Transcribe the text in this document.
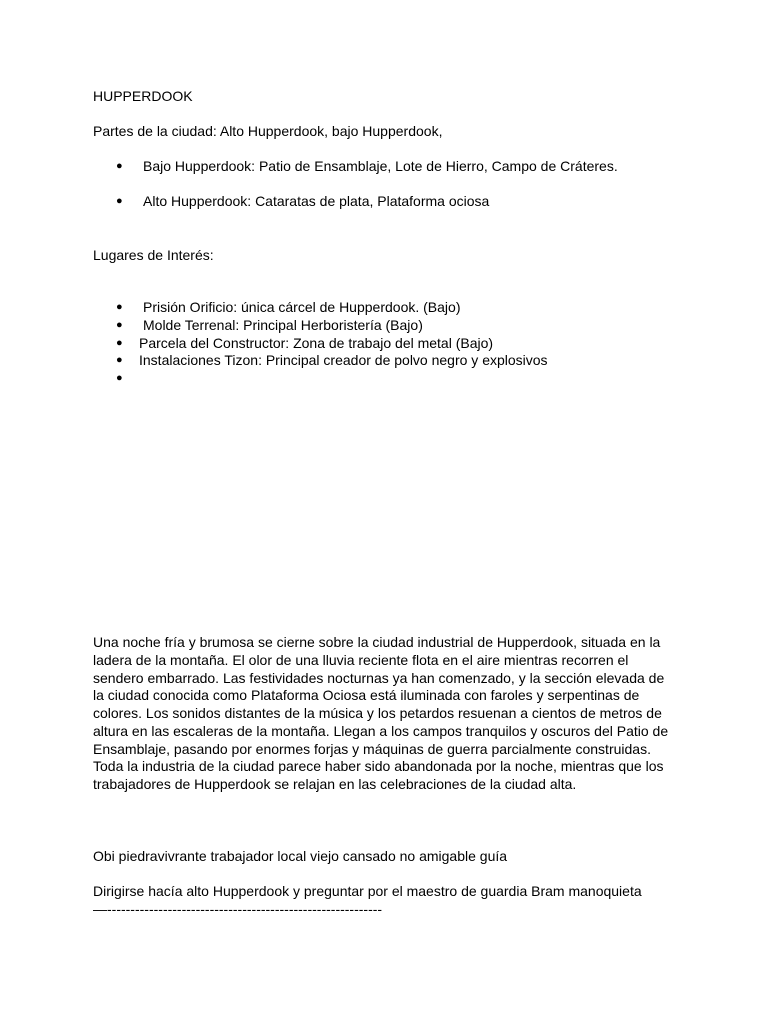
HUPPERDOOK
Partes de la ciudad: Alto Hupperdook, bajo Hupperdook,
● Bajo Hupperdook: Patio de Ensamblaje, Lote de Hierro, Campo de Cráteres.
● Alto Hupperdook: Cataratas de plata, Plataforma ociosa
Lugares de Interés:
● Prisión Orificio: única cárcel de Hupperdook. (Bajo)
● Molde Terrenal: Principal Herboristería (Bajo)
● Parcela del Constructor: Zona de trabajo del metal (Bajo)
● Instalaciones Tizon: Principal creador de polvo negro y explosivos
●
Una noche fría y brumosa se cierne sobre la ciudad industrial de Hupperdook, situada en la ladera de la montaña. El olor de una lluvia reciente flota en el aire mientras recorren el sendero embarrado. Las festividades nocturnas ya han comenzado, y la sección elevada de la ciudad conocida como Plataforma Ociosa está iluminada con faroles y serpentinas de colores. Los sonidos distantes de la música y los petardos resuenan a cientos de metros de altura en las escaleras de la montaña. Llegan a los campos tranquilos y oscuros del Patio de Ensamblaje, pasando por enormes forjas y máquinas de guerra parcialmente construidas. Toda la industria de la ciudad parece haber sido abandonada por la noche, mientras que los trabajadores de Hupperdook se relajan en las celebraciones de la ciudad alta.
Obi piedravivrante trabajador local viejo cansado no amigable guía
Dirigirse hacía alto Hupperdook y preguntar por el maestro de guardia Bram manoquieta
—-----------------------------------------------------------
